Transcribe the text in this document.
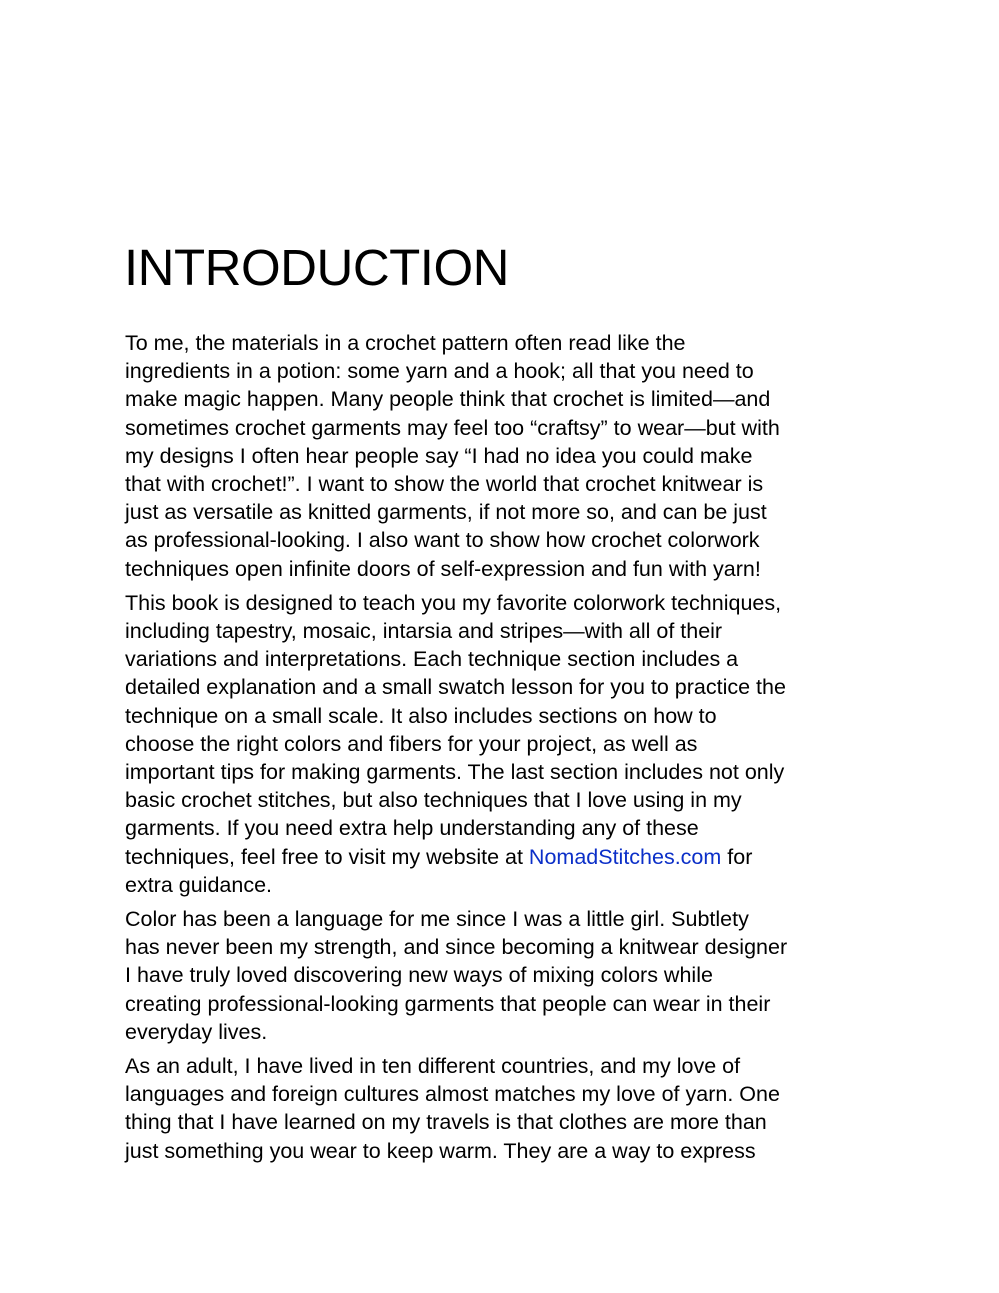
INTRODUCTION

To me, the materials in a crochet pattern often read like the
ingredients in a potion: some yarn and a hook; all that you need to
make magic happen. Many people think that crochet is limited—and
sometimes crochet garments may feel too “craftsy” to wear—but with
my designs I often hear people say “I had no idea you could make
that with crochet!”. I want to show the world that crochet knitwear is
just as versatile as knitted garments, if not more so, and can be just
as professional-looking. I also want to show how crochet colorwork
techniques open infinite doors of self-expression and fun with yarn!

This book is designed to teach you my favorite colorwork techniques,
including tapestry, mosaic, intarsia and stripes—with all of their
variations and interpretations. Each technique section includes a
detailed explanation and a small swatch lesson for you to practice the
technique on a small scale. It also includes sections on how to
choose the right colors and fibers for your project, as well as
important tips for making garments. The last section includes not only
basic crochet stitches, but also techniques that I love using in my
garments. If you need extra help understanding any of these
techniques, feel free to visit my website at NomadStitches.com for
extra guidance.

Color has been a language for me since I was a little girl. Subtlety
has never been my strength, and since becoming a knitwear designer
I have truly loved discovering new ways of mixing colors while
creating professional-looking garments that people can wear in their
everyday lives.

As an adult, I have lived in ten different countries, and my love of
languages and foreign cultures almost matches my love of yarn. One
thing that I have learned on my travels is that clothes are more than
just something you wear to keep warm. They are a way to express
